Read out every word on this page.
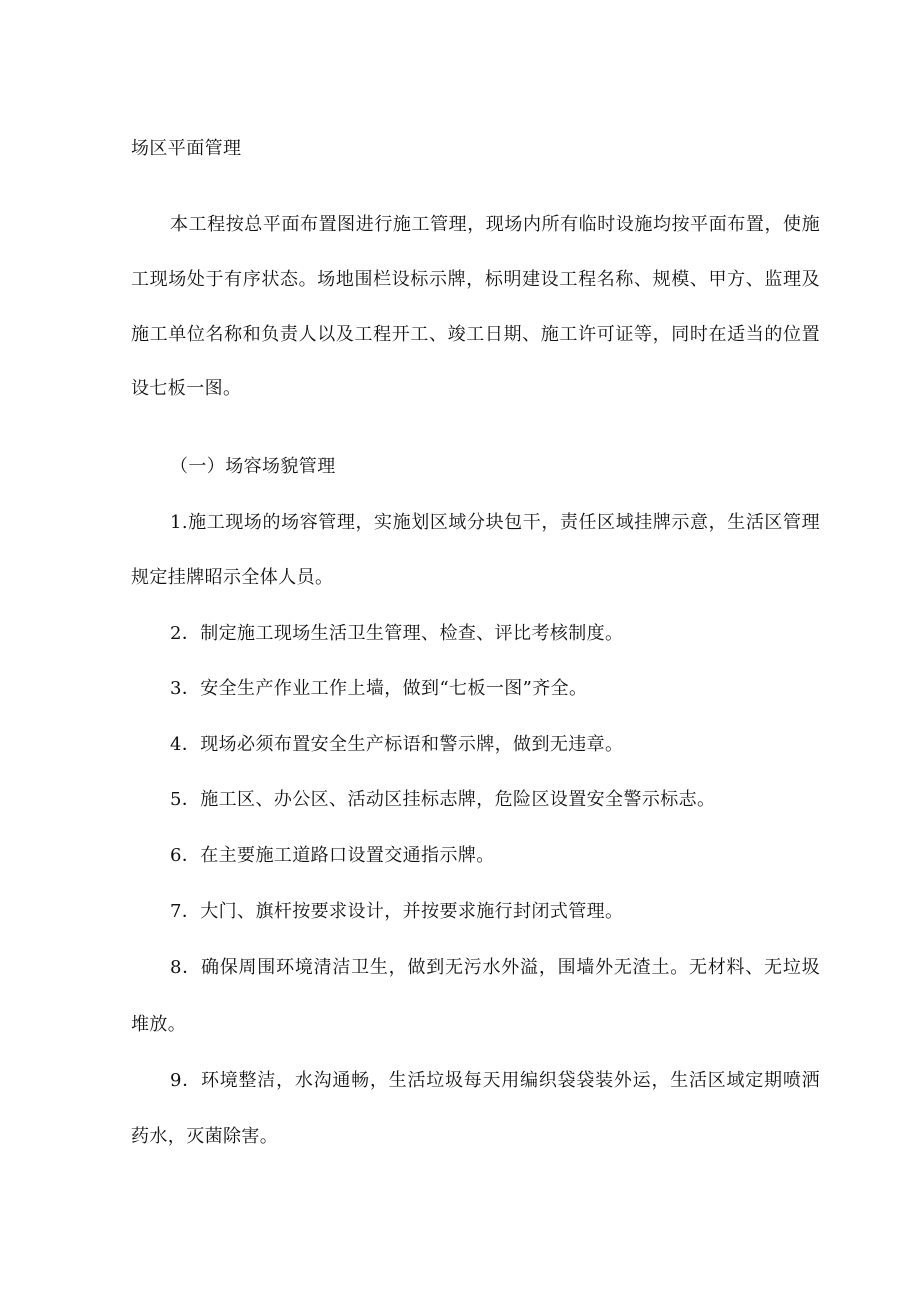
场区平面管理
本工程按总平面布置图进行施工管理，现场内所有临时设施均按平面布置，使施
工现场处于有序状态。场地围栏设标示牌，标明建设工程名称、规模、甲方、监理及
施工单位名称和负责人以及工程开工、竣工日期、施工许可证等，同时在适当的位置
设七板一图。
（一）场容场貌管理
1.施工现场的场容管理，实施划区域分块包干，责任区域挂牌示意，生活区管理
规定挂牌昭示全体人员。
2．制定施工现场生活卫生管理、检查、评比考核制度。
3．安全生产作业工作上墙，做到“七板一图”齐全。
4．现场必须布置安全生产标语和警示牌，做到无违章。
5．施工区、办公区、活动区挂标志牌，危险区设置安全警示标志。
6．在主要施工道路口设置交通指示牌。
7．大门、旗杆按要求设计，并按要求施行封闭式管理。
8．确保周围环境清洁卫生，做到无污水外溢，围墙外无渣土。无材料、无垃圾
堆放。
9．环境整洁，水沟通畅，生活垃圾每天用编织袋袋装外运，生活区域定期喷洒
药水，灭菌除害。
